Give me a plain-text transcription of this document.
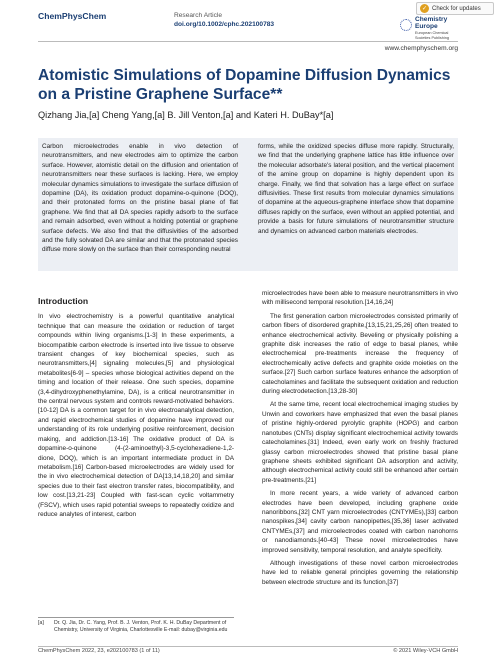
ChemPhysChem	Research Article
doi.org/10.1002/cphc.202100783
✓ Check for updates
Chemistry
Europe
European Chemical
Societies Publishing
www.chemphyschem.org
Atomistic Simulations of Dopamine Diffusion Dynamics on a Pristine Graphene Surface**
Qizhang Jia,[a] Cheng Yang,[a] B. Jill Venton,[a] and Kateri H. DuBay*[a]
Carbon microelectrodes enable in vivo detection of neurotransmitters, and new electrodes aim to optimize the carbon surface. However, atomistic detail on the diffusion and orientation of neurotransmitters near these surfaces is lacking. Here, we employ molecular dynamics simulations to investigate the surface diffusion of dopamine (DA), its oxidation product dopamine-o-quinone (DOQ), and their protonated forms on the pristine basal plane of flat graphene. We find that all DA species rapidly adsorb to the surface and remain adsorbed, even without a holding potential or graphene surface defects. We also find that the diffusivities of the adsorbed and the fully solvated DA are similar and that the protonated species diffuse more slowly on the surface than their corresponding neutral
forms, while the oxidized species diffuse more rapidly. Structurally, we find that the underlying graphene lattice has little influence over the molecular adsorbate's lateral position, and the vertical placement of the amine group on dopamine is highly dependent upon its charge. Finally, we find that solvation has a large effect on surface diffusivities. These first results from molecular dynamics simulations of dopamine at the aqueous-graphene interface show that dopamine diffuses rapidly on the surface, even without an applied potential, and provide a basis for future simulations of neurotransmitter structure and dynamics on advanced carbon materials electrodes.
Introduction

In vivo electrochemistry is a powerful quantitative analytical technique that can measure the oxidation or reduction of target compounds within living organisms.[1-3] In these experiments, a biocompatible carbon electrode is inserted into live tissue to observe transient changes of key biochemical species, such as neurotransmitters,[4] signaling molecules,[5] and physiological metabolites[6-9] – species whose biological activities depend on the timing and location of their release. One such species, dopamine (3,4-dihydroxyphenethylamine, DA), is a critical neurotransmitter in the central nervous system and controls reward-motivated behaviors.[10-12] DA is a common target for in vivo electroanalytical detection, and rapid electrochemical studies of dopamine have improved our understanding of its role underlying positive reinforcement, decision making, and addiction.[13-16] The oxidative product of DA is dopamine-o-quinone (4-(2-aminoethyl)-3,5-cyclohexadiene-1,2-dione, DOQ), which is an important intermediate product in DA metabolism.[16] Carbon-based microelectrodes are widely used for the in vivo electrochemical detection of DA[13,14,18,20] and similar species due to their fast electron transfer rates, biocompatibility, and low cost.[13,21-23] Coupled with fast-scan cyclic voltammetry (FSCV), which uses rapid potential sweeps to repeatedly oxidize and reduce analytes of interest, carbon

microelectrodes have been able to measure neurotransmitters in vivo with millisecond temporal resolution.[14,16,24]

The first generation carbon microelectrodes consisted primarily of carbon fibers of disordered graphite,[13,15,21,25,26] often treated to enhance electrochemical activity. Beveling or physically polishing a graphite disk increases the ratio of edge to basal planes, while electrochemical pre-treatments increase the frequency of electrochemically active defects and graphite oxide moieties on the surface.[27] Such carbon surface features enhance the adsorption of catecholamines and facilitate the subsequent oxidation and reduction during electrodetection.[13,28-30]

At the same time, recent local electrochemical imaging studies by Unwin and coworkers have emphasized that even the basal planes of pristine highly-ordered pyrolytic graphite (HOPG) and carbon nanotubes (CNTs) display significant electrochemical activity towards catecholamines.[31] Indeed, even early work on freshly fractured glassy carbon microelectrodes showed that pristine basal plane graphene sheets exhibited significant DA adsorption and activity, although electrochemical activity could still be enhanced after certain pre-treatments.[21]

In more recent years, a wide variety of advanced carbon electrodes have been developed, including graphene oxide nanoribbons,[32] CNT yarn microelectrodes (CNTYMEs),[33] carbon nanospikes,[34] cavity carbon nanopipettes,[35,36] laser activated CNTYMEs,[37] and microelectrodes coated with carbon nanohorns or nanodiamonds.[40-43] These novel microelectrodes have improved sensitivity, temporal resolution, and analyte specificity.

Although investigations of these novel carbon microelectrodes have led to reliable general principles governing the relationship between electrode structure and its function,[37]

[a]	Dr. Q. Jia, Dr. C. Yang, Prof. B. J. Venton, Prof. K. H. DuBay Department of Chemistry, University of Virginia, Charlottesville E-mail: dubay@virginia.edu
ChemPhysChem 2022, 23, e202100783 (1 of 11)	© 2021 Wiley-VCH GmbH
